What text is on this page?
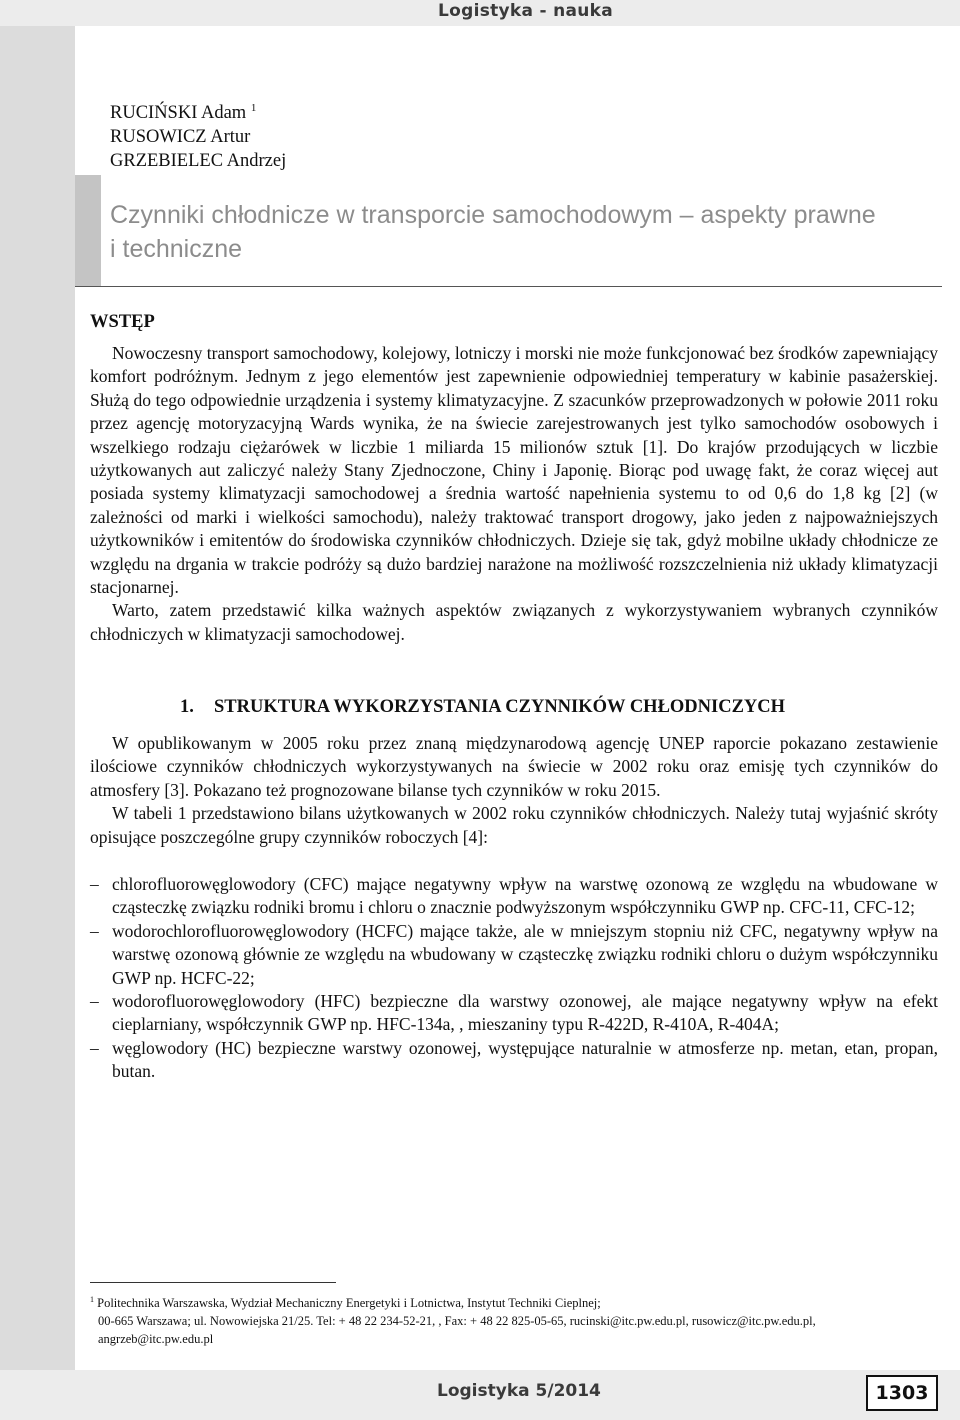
Logistyka - nauka
RUCIŃSKI Adam $^1$
RUSOWICZ Artur
GRZEBIELEC Andrzej
Czynniki chłodnicze w transporcie samochodowym – aspekty prawne
i techniczne
WSTĘP

Nowoczesny transport samochodowy, kolejowy, lotniczy i morski nie może funkcjonować bez środków zapewniający komfort podróżnym. Jednym z jego elementów jest zapewnienie odpowiedniej temperatury w kabinie pasażerskiej. Służą do tego odpowiednie urządzenia i systemy klimatyzacyjne. Z szacunków przeprowadzonych w połowie 2011 roku przez agencję motoryzacyjną Wards wynika, że na świecie zarejestrowanych jest tylko samochodów osobowych i wszelkiego rodzaju ciężarówek w liczbie 1 miliarda 15 milionów sztuk [1]. Do krajów przodujących w liczbie użytkowanych aut zaliczyć należy Stany Zjednoczone, Chiny i Japonię. Biorąc pod uwagę fakt, że coraz więcej aut posiada systemy klimatyzacji samochodowej a średnia wartość napełnienia systemu to od 0,6 do 1,8 kg [2] (w zależności od marki i wielkości samochodu), należy traktować transport drogowy, jako jeden z najpoważniejszych użytkowników i emitentów do środowiska czynników chłodniczych. Dzieje się tak, gdyż mobilne układy chłodnicze ze względu na drgania w trakcie podróży są dużo bardziej narażone na możliwość rozszczelnienia niż układy klimatyzacji stacjonarnej.

Warto, zatem przedstawić kilka ważnych aspektów związanych z wykorzystywaniem wybranych czynników chłodniczych w klimatyzacji samochodowej.

1. STRUKTURA WYKORZYSTANIA CZYNNIKÓW CHŁODNICZYCH

W opublikowanym w 2005 roku przez znaną międzynarodową agencję UNEP raporcie pokazano zestawienie ilościowe czynników chłodniczych wykorzystywanych na świecie w 2002 roku oraz emisję tych czynników do atmosfery [3]. Pokazano też prognozowane bilanse tych czynników w roku 2015.

W tabeli 1 przedstawiono bilans użytkowanych w 2002 roku czynników chłodniczych. Należy tutaj wyjaśnić skróty opisujące poszczególne grupy czynników roboczych [4]:

– chlorofluorowęglowodory (CFC) mające negatywny wpływ na warstwę ozonową ze względu na wbudowane w cząsteczkę związku rodniki bromu i chloru o znacznie podwyższonym współczynniku GWP np. CFC-11, CFC-12;
– wodorochlorofluorowęglowodory (HCFC) mające także, ale w mniejszym stopniu niż CFC, negatywny wpływ na warstwę ozonową głównie ze względu na wbudowany w cząsteczkę związku rodniki chloru o dużym współczynniku GWP np. HCFC-22;
– wodorofluorowęglowodory (HFC) bezpieczne dla warstwy ozonowej, ale mające negatywny wpływ na efekt cieplarniany, współczynnik GWP np. HFC-134a, , mieszaniny typu R-422D, R-410A, R-404A;
– węglowodory (HC) bezpieczne warstwy ozonowej, występujące naturalnie w atmosferze np. metan, etan, propan, butan.
$^1$ Politechnika Warszawska, Wydział Mechaniczny Energetyki i Lotnictwa, Instytut Techniki Cieplnej;
00-665 Warszawa; ul. Nowowiejska 21/25. Tel: + 48 22 234-52-21, , Fax: + 48 22 825-05-65, rucinski@itc.pw.edu.pl, rusowicz@itc.pw.edu.pl,
angrzeb@itc.pw.edu.pl
Logistyka 5/2014	1303
